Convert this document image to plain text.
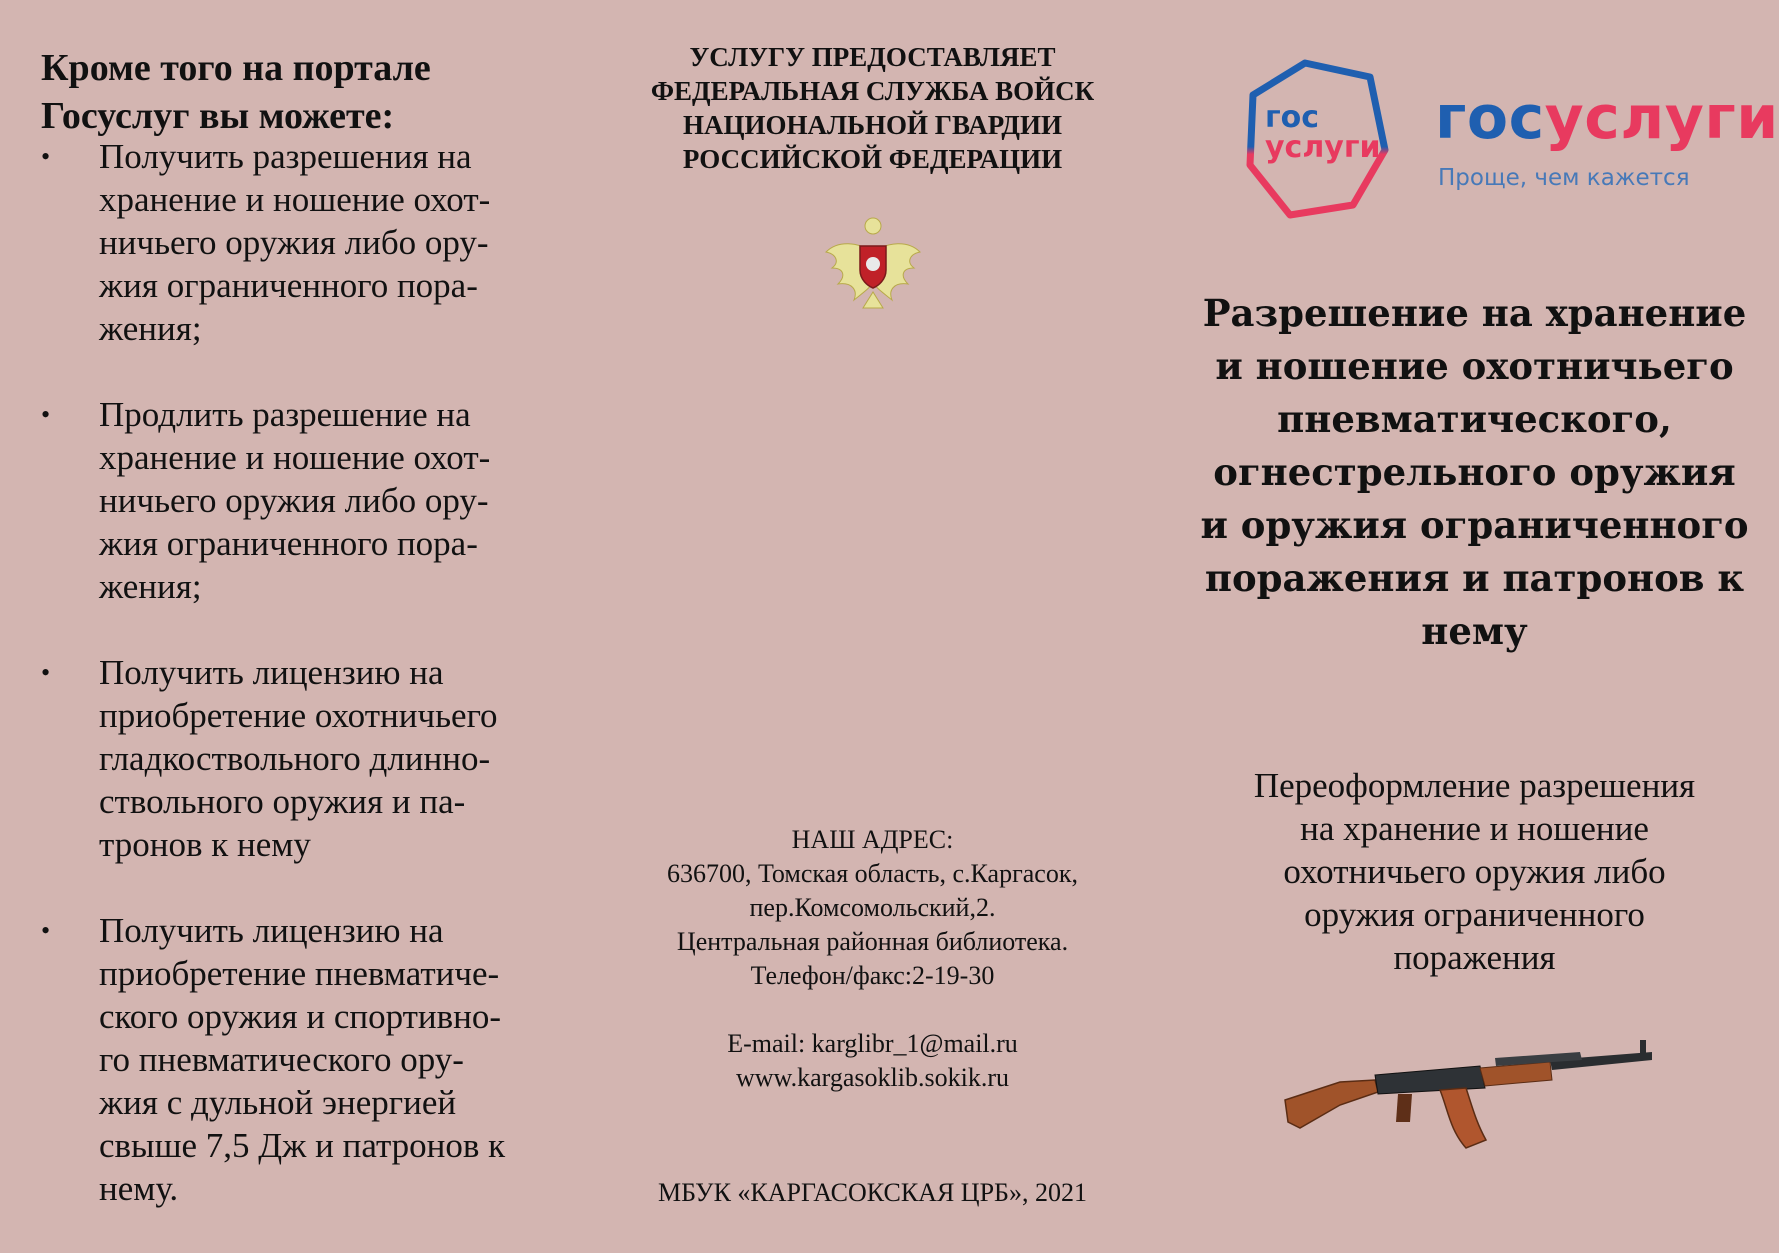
Кроме того на портале
Госуслуг вы можете:
• Получить разрешения на
хранение и ношение охот-
ничьего оружия либо ору-
жия ограниченного пора-
жения;
• Продлить разрешение на
хранение и ношение охот-
ничьего оружия либо ору-
жия ограниченного пора-
жения;
• Получить лицензию на
приобретение охотничьего
гладкоствольного длинно-
ствольного оружия и па-
тронов к нему
• Получить лицензию на
приобретение пневматиче-
ского оружия и спортивно-
го пневматического ору-
жия с дульной энергией
свыше 7,5 Дж и патронов к
нему.
УСЛУГУ ПРЕДОСТАВЛЯЕТ
ФЕДЕРАЛЬНАЯ СЛУЖБА ВОЙСК
НАЦИОНАЛЬНОЙ ГВАРДИИ
РОССИЙСКОЙ ФЕДЕРАЦИИ
НАШ АДРЕС:
636700, Томская область, с.Каргасок,
пер.Комсомольский,2.
Центральная районная библиотека.
Телефон/факс:2-19-30
E-mail: karglibr_1@mail.ru
www.kargasoklib.sokik.ru
МБУК «КАРГАСОКСКАЯ ЦРБ», 2021
гос
услуги госуслуги
Проще, чем кажется
Разрешение на хранение
и ношение охотничьего
пневматического,
огнестрельного оружия
и оружия ограниченного
поражения и патронов к
нему
Переоформление разрешения
на хранение и ношение
охотничьего оружия либо
оружия ограниченного
поражения
